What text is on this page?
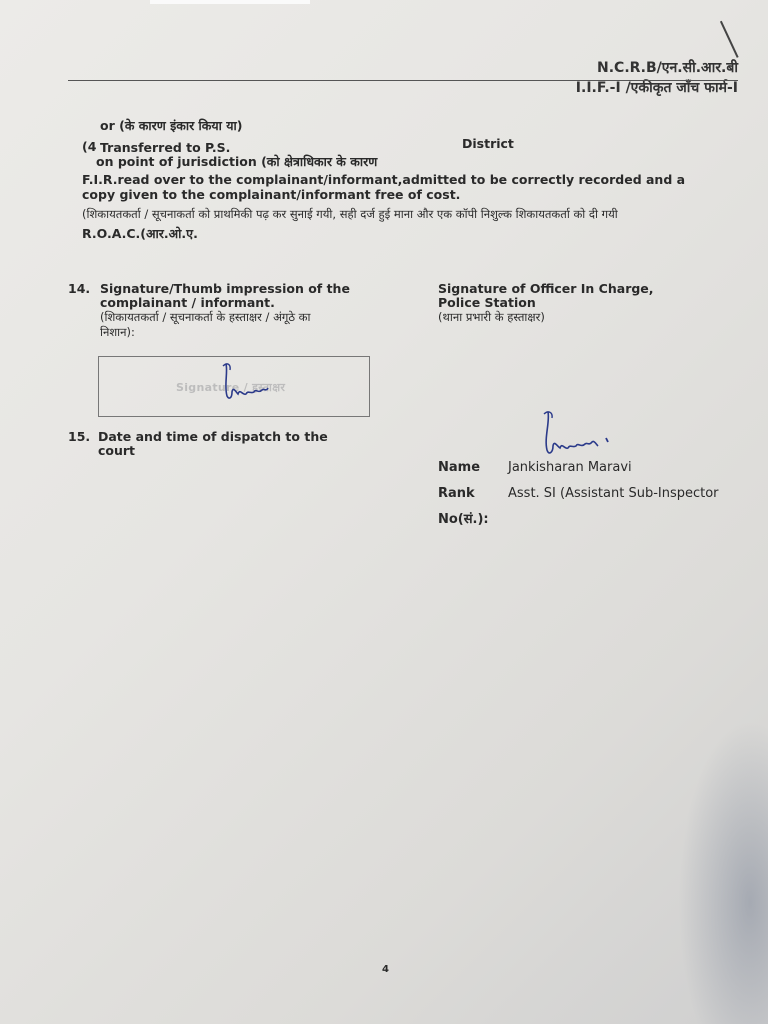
N.C.R.B/एन.सी.आर.बी
I.I.F.-I /एकीकृत जाँच फार्म-I
or (के कारण इंकार किया या)
(4 Transferred to P.S.	District
on point of jurisdiction (को क्षेत्राधिकार के कारण
F.I.R.read over to the complainant/informant,admitted to be correctly recorded and a
copy given to the complainant/informant free of cost.
(शिकायतकर्ता / सूचनाकर्ता को प्राथमिकी पढ़ कर सुनाई गयी, सही दर्ज हुई माना और एक कॉपी निशुल्क शिकायतकर्ता को दी गयी
R.O.A.C.(आर.ओ.ए.
14. Signature/Thumb impression of the
complainant / informant.
(शिकायतकर्ता / सूचनाकर्ता के हस्ताक्षर / अंगूठे का
निशान):
Signature / हस्ताक्षर
Signature of Officer In Charge,
Police Station
(थाना प्रभारी के हस्ताक्षर)
Name Jankisharan Maravi
Rank	Asst. SI (Assistant Sub-Inspector
No(सं.):
15. Date and time of dispatch to the
court
4
